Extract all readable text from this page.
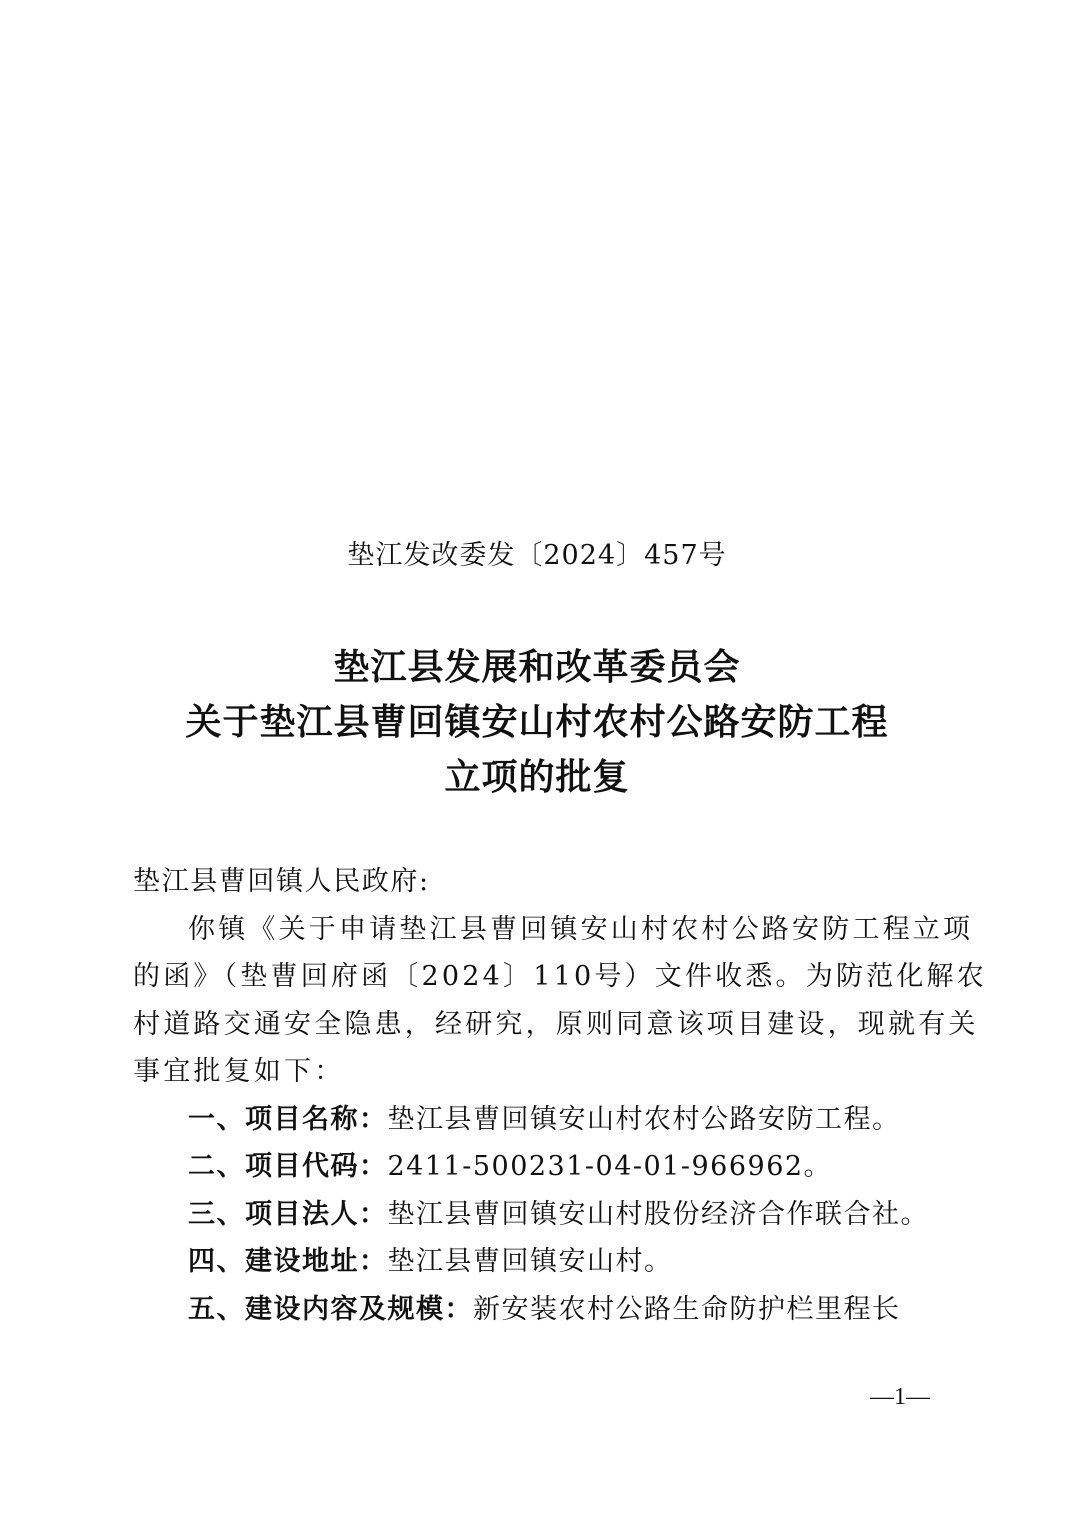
垫江发改委发〔2024〕457号
垫江县发展和改革委员会
关于垫江县曹回镇安山村农村公路安防工程
立项的批复

垫江县曹回镇人民政府:

你镇《关于申请垫江县曹回镇安山村农村公路安防工程立项

的函》（垫曹回府函〔2024〕110号）文件收悉。为防范化解农

村道路交通安全隐患，经研究，原则同意该项目建设，现就有关

事宜批复如下：

一、项目名称：垫江县曹回镇安山村农村公路安防工程。

二、项目代码：2411-500231-04-01-966962。

三、项目法人：垫江县曹回镇安山村股份经济合作联合社。

四、建设地址：垫江县曹回镇安山村。

五、建设内容及规模：新安装农村公路生命防护栏里程长

—1—
